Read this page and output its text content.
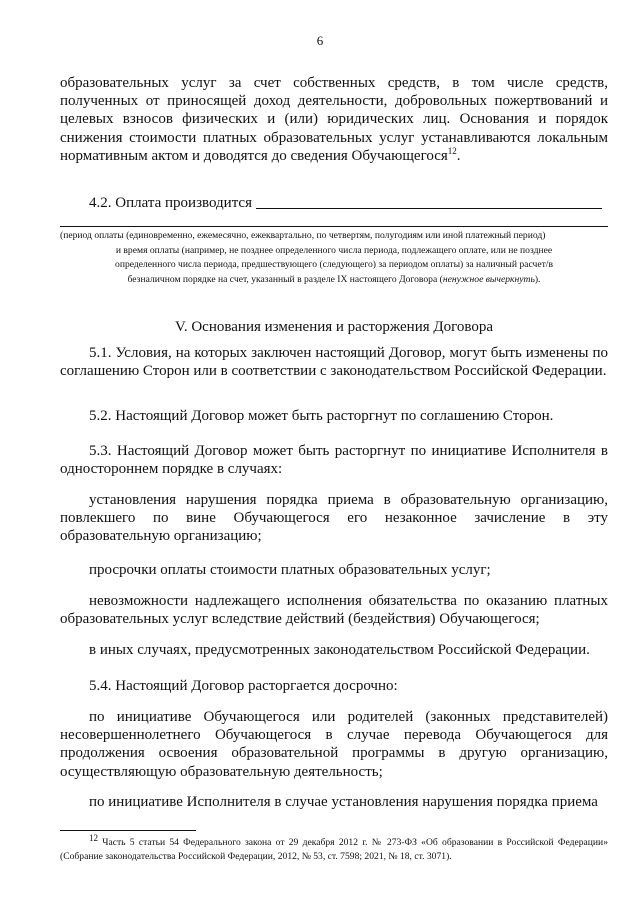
6

образовательных услуг за счет собственных средств, в том числе средств, полученных от приносящей доход деятельности, добровольных пожертвований и целевых взносов физических и (или) юридических лиц. Основания и порядок снижения стоимости платных образовательных услуг устанавливаются локальным нормативным актом и доводятся до сведения Обучающегося$^{12}$.

4.2. Оплата производится

(период оплаты (единовременно, ежемесячно, ежеквартально, по четвертям, полугодиям или иной платежный период)

и время оплаты (например, не позднее определенного числа периода, подлежащего оплате, или не позднее

определенного числа периода, предшествующего (следующего) за периодом оплаты) за наличный расчет/в

безналичном порядке на счет, указанный в разделе IX настоящего Договора (ненужное вычеркнуть).

V. Основания изменения и расторжения Договора

5.1. Условия, на которых заключен настоящий Договор, могут быть изменены по соглашению Сторон или в соответствии с законодательством Российской Федерации.

5.2. Настоящий Договор может быть расторгнут по соглашению Сторон.

5.3. Настоящий Договор может быть расторгнут по инициативе Исполнителя в одностороннем порядке в случаях:

установления нарушения порядка приема в образовательную организацию, повлекшего по вине Обучающегося его незаконное зачисление в эту образовательную организацию;

просрочки оплаты стоимости платных образовательных услуг;

невозможности надлежащего исполнения обязательства по оказанию платных образовательных услуг вследствие действий (бездействия) Обучающегося;

в иных случаях, предусмотренных законодательством Российской Федерации.

5.4. Настоящий Договор расторгается досрочно:

по инициативе Обучающегося или родителей (законных представителей) несовершеннолетнего Обучающегося в случае перевода Обучающегося для продолжения освоения образовательной программы в другую организацию, осуществляющую образовательную деятельность;

по инициативе Исполнителя в случае установления нарушения порядка приема

$^{12}$ Часть 5 статьи 54 Федерального закона от 29 декабря 2012 г. № 273-ФЗ «Об образовании в Российской Федерации» (Собрание законодательства Российской Федерации, 2012, № 53, ст. 7598; 2021, № 18, ст. 3071).
